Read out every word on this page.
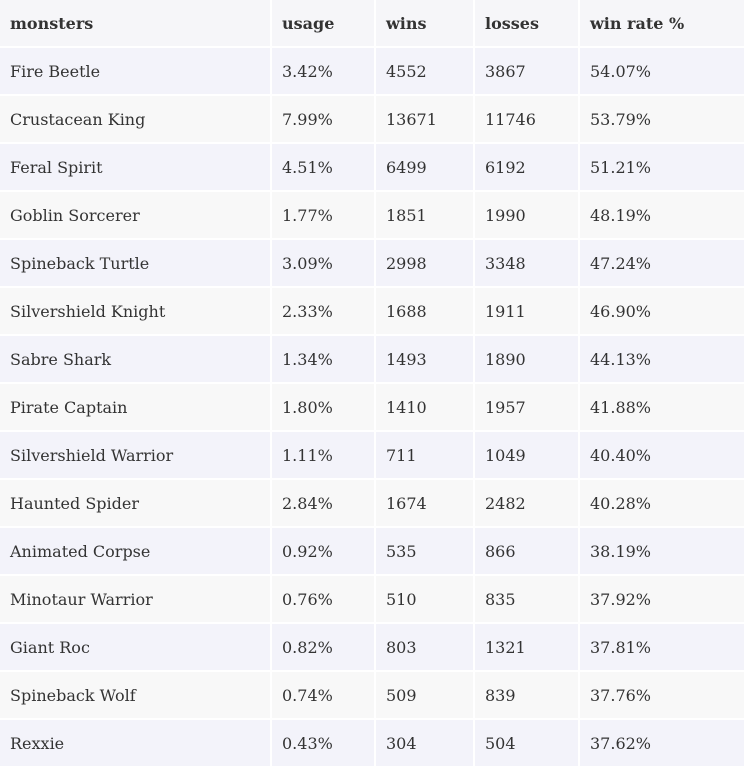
monsters	usage	wins	losses	win rate %
Fire Beetle	3.42%	4552	3867	54.07%
Crustacean King	7.99%	13671	11746	53.79%
Feral Spirit	4.51%	6499	6192	51.21%
Goblin Sorcerer	1.77%	1851	1990	48.19%
Spineback Turtle	3.09%	2998	3348	47.24%
Silvershield Knight	2.33%	1688	1911	46.90%
Sabre Shark	1.34%	1493	1890	44.13%
Pirate Captain	1.80%	1410	1957	41.88%
Silvershield Warrior	1.11%	711	1049	40.40%
Haunted Spider	2.84%	1674	2482	40.28%
Animated Corpse	0.92%	535	866	38.19%
Minotaur Warrior	0.76%	510	835	37.92%
Giant Roc	0.82%	803	1321	37.81%
Spineback Wolf	0.74%	509	839	37.76%
Rexxie	0.43%	304	504	37.62%
